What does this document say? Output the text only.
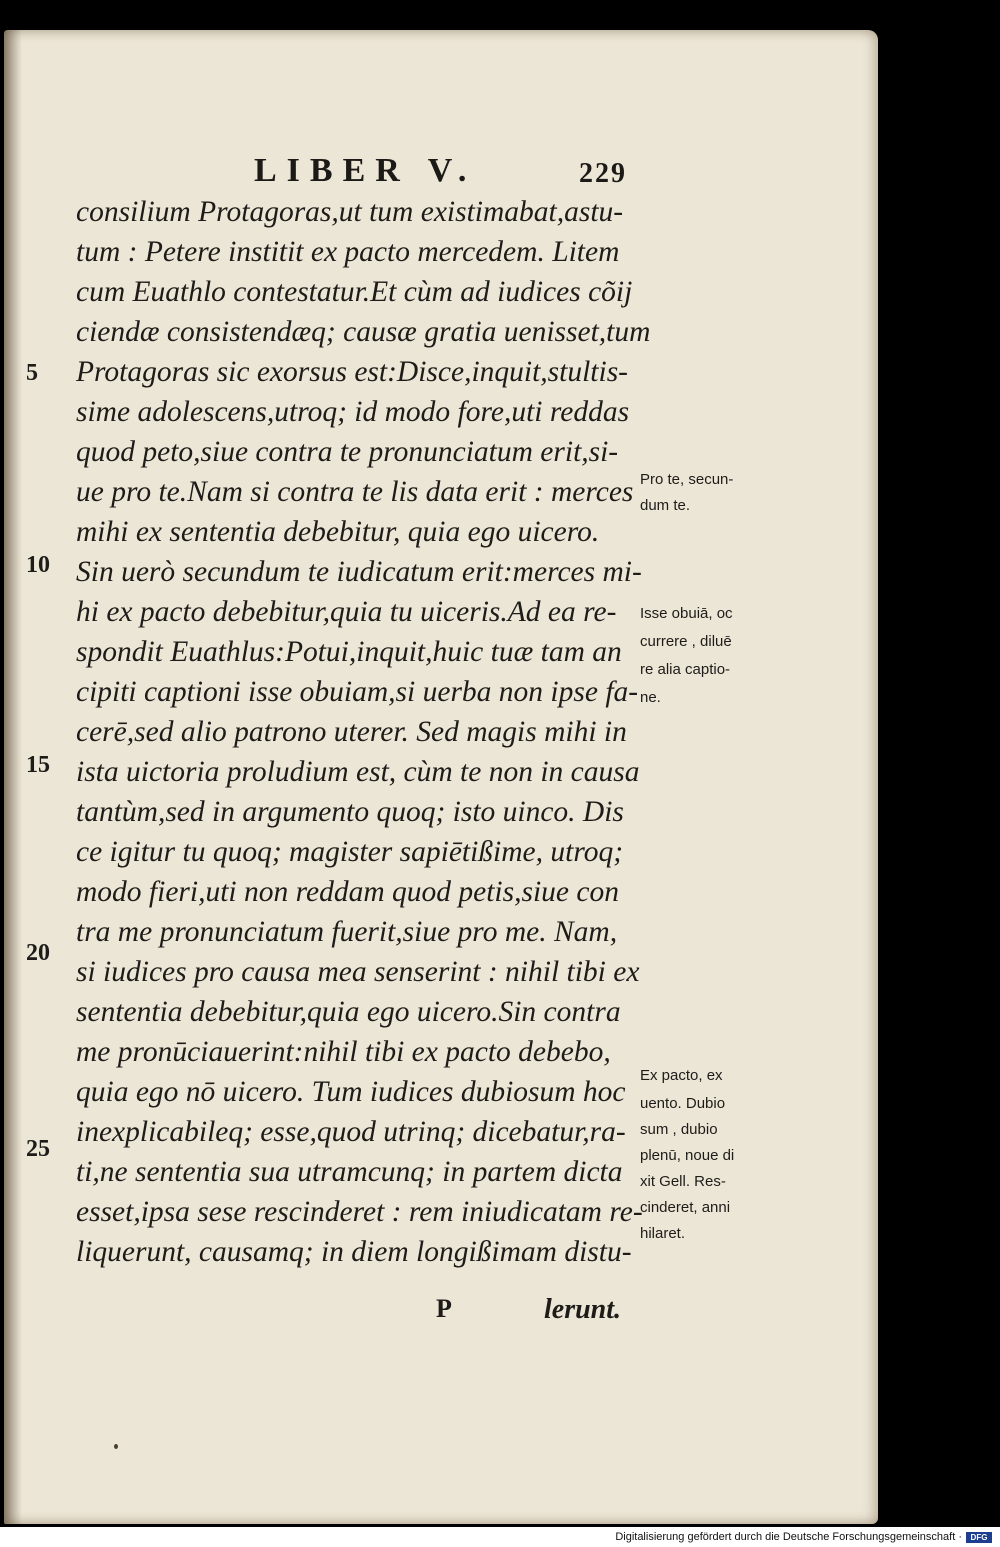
LIBER V.	229
consilium Protagoras,ut tum existimabat,astu-
tum : Petere institit ex pacto mercedem. Litem
cum Euathlo contestatur.Et cùm ad iudices cõij
ciendæ consistendæq; causæ gratia uenisset,tum
Protagoras sic exorsus est:Disce,inquit,stultis-
sime adolescens,utroq; id modo fore,uti reddas
quod peto,siue contra te pronunciatum erit,si-
ue pro te.Nam si contra te lis data erit : merces
mihi ex sententia debebitur, quia ego uicero.
Sin uerò secundum te iudicatum erit:merces mi-
hi ex pacto debebitur,quia tu uiceris.Ad ea re-
spondit Euathlus:Potui,inquit,huic tuæ tam an
cipiti captioni isse obuiam,si uerba non ipse fa-
cerē,sed alio patrono uterer. Sed magis mihi in
ista uictoria proludium est, cùm te non in causa
tantùm,sed in argumento quoq; isto uinco. Dis
ce igitur tu quoq; magister sapiētißime, utroq;
modo fieri,uti non reddam quod petis,siue con
tra me pronunciatum fuerit,siue pro me. Nam,
si iudices pro causa mea senserint : nihil tibi ex
sententia debebitur,quia ego uicero.Sin contra
me pronūciauerint:nihil tibi ex pacto debebo,
quia ego nō uicero. Tum iudices dubiosum hoc
inexplicabileq; esse,quod utrinq; dicebatur,ra-
ti,ne sententia sua utramcunq; in partem dicta
esset,ipsa sese rescinderet : rem iniudicatam re-
liquerunt, causamq; in diem longißimam distu-
5
10
15
20
25
Pro te, secun-
dum te.
Isse obuiā, oc
currere , diluē
re alia captio-
ne.
Ex pacto, ex
uento. Dubio
sum , dubio
plenū, noue di
xit Gell. Res-
cinderet, anni
hilaret.
P	lerunt.
Digitalisierung gefördert durch die Deutsche Forschungsgemeinschaft ·	DFG
